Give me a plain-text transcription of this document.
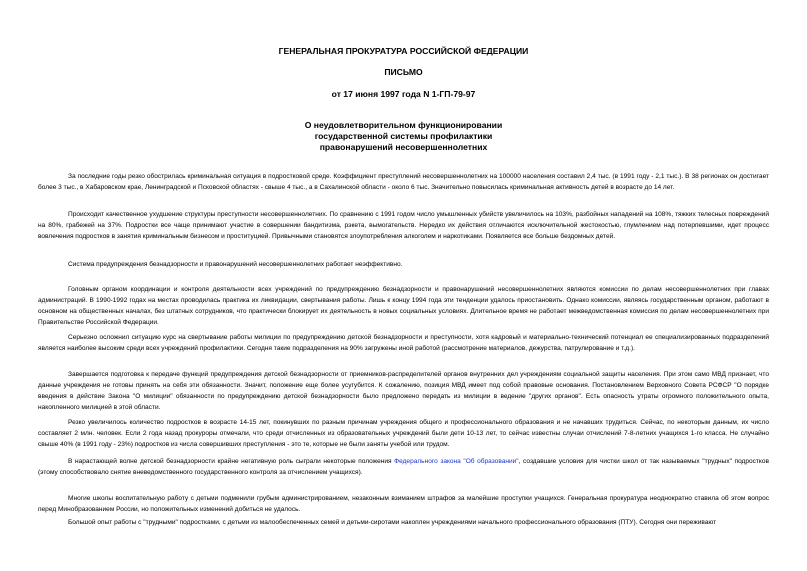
ГЕНЕРАЛЬНАЯ ПРОКУРАТУРА РОССИЙСКОЙ ФЕДЕРАЦИИ
ПИСЬМО
от 17 июня 1997 года N 1-ГП-79-97
О неудовлетворительном функционировании
государственной системы профилактики
правонарушений несовершеннолетних

За последние годы резко обострилась криминальная ситуация в подростковой среде. Коэффициент преступлений несовершеннолетних на 100000 населения составил 2,4 тыс. (в 1991 году - 2,1 тыс.). В 38 регионах он достигает более 3 тыс., в Хабаровском крае, Ленинградской и Псковской областях - свыше 4 тыс., а в Сахалинской области - около 6 тыс. Значительно повысилась криминальная активность детей в возрасте до 14 лет.

Происходит качественное ухудшение структуры преступности несовершеннолетних. По сравнению с 1991 годом число умышленных убийств увеличилось на 103%, разбойных нападений на 108%, тяжких телесных повреждений на 80%, грабежей на 37%. Подростки все чаще принимают участие в совершении бандитизма, рэкета, вымогательств. Нередко их действия отличаются исключительной жестокостью, глумлением над потерпевшими, идет процесс вовлечения подростков в занятия криминальным бизнесом и проституцией. Привычными становятся злоупотребления алкоголем и наркотиками. Появляется все больше бездомных детей.

Система предупреждения безнадзорности и правонарушений несовершеннолетних работает неэффективно.

Головным органом координации и контроля деятельности всех учреждений по предупреждению безнадзорности и правонарушений несовершеннолетних являются комиссии по делам несовершеннолетних при главах администраций. В 1990-1992 годах на местах проводилась практика их ликвидации, свертывания работы. Лишь к концу 1994 года эти тенденции удалось приостановить. Однако комиссии, являясь государственным органом, работают в основном на общественных началах, без штатных сотрудников, что практически блокирует их деятельность в новых социальных условиях. Длительное время не работает межведомственная комиссия по делам несовершеннолетних при Правительстве Российской Федерации.

Серьезно осложнил ситуацию курс на свертывание работы милиции по предупреждению детской безнадзорности и преступности, хотя кадровый и материально-технический потенциал ее специализированных подразделений является наиболее высоким среди всех учреждений профилактики. Сегодня такие подразделения на 90% загружены иной работой (рассмотрение материалов, дежурства, патрулирование и т.д.).

Завершается подготовка к передаче функций предупреждения детской безнадзорности от приемников-распределителей органов внутренних дел учреждениям социальной защиты населения. При этом само МВД признает, что данные учреждения не готовы принять на себя эти обязанности. Значит, положение еще более усугубится. К сожалению, позиция МВД имеет под собой правовые основания. Постановлением Верховного Совета РСФСР "О порядке введения в действие Закона "О милиции" обязанности по предупреждению детской безнадзорности было предложено передать из милиции в ведение "других органов". Есть опасность утраты огромного положительного опыта, накопленного милицией в этой области.

Резко увеличилось количество подростков в возрасте 14-15 лет, покинувших по разным причинам учреждения общего и профессионального образования и не начавших трудиться. Сейчас, по некоторым данным, их число составляет 2 млн. человек. Если 2 года назад прокуроры отмечали, что среди отчисленных из образовательных учреждений были дети 10-13 лет, то сейчас известны случаи отчислений 7-8-летних учащихся 1-го класса. Не случайно свыше 40% (в 1991 году - 23%) подростков из числа совершивших преступления - это те, которые не были заняты учебой или трудом.

В нарастающей волне детской безнадзорности крайне негативную роль сыграли некоторые положения Федерального закона "Об образовании", создавшие условия для чистки школ от так называемых "трудных" подростков (этому способствовало снятие вневедомственного государственного контроля за отчислением учащихся).

Многие школы воспитательную работу с детьми подменили грубым администрированием, незаконным взиманием штрафов за малейшие проступки учащихся. Генеральная прокуратура неоднократно ставила об этом вопрос перед Минобразованием России, но положительных изменений добиться не удалось.

Большой опыт работы с "трудными" подростками, с детьми из малообеспеченных семей и детьми-сиротами накоплен учреждениями начального профессионального образования (ПТУ). Сегодня они переживают
